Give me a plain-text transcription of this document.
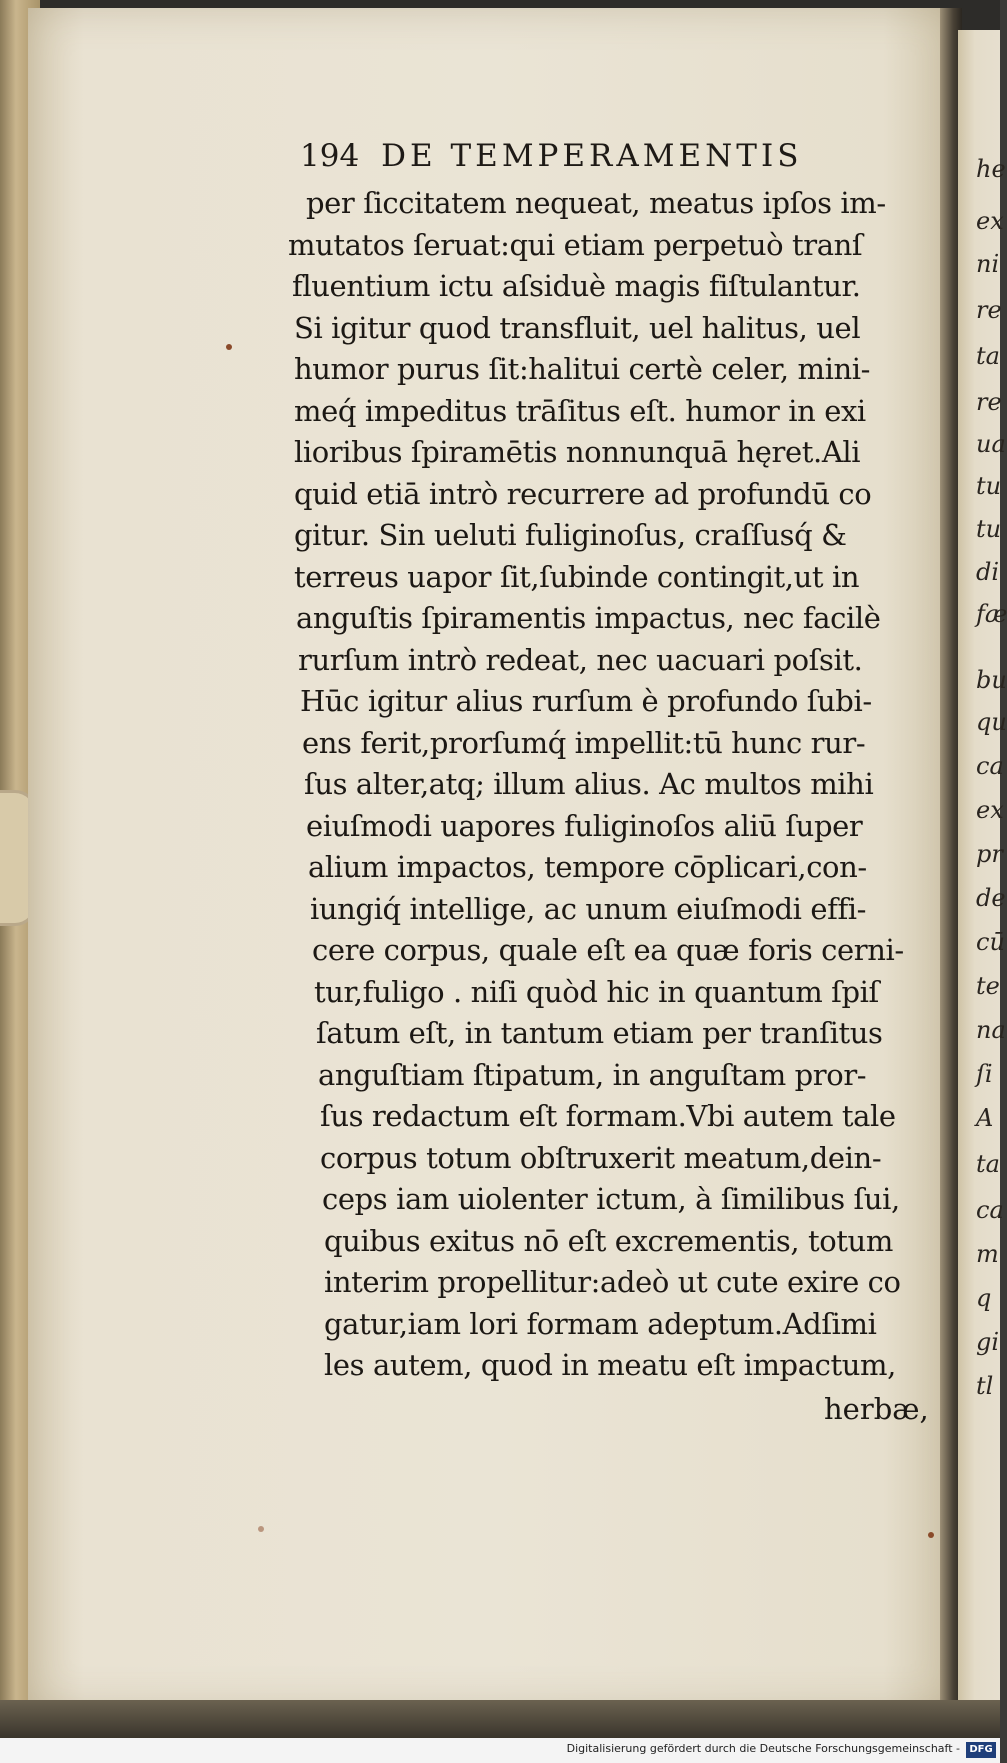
he
ex
ni
re
ta
re
ua
tu
tu
di
fæ
bu
qu
ca
ex
pr
de
cū
te
na
ſi
A
ta
ca
m
q
gi
tl
194 DE TEMPERAMENTIS
per ſiccitatem nequeat, meatus ipſos im-
mutatos ſeruat:qui etiam perpetuò tranſ
fluentium ictu aſsiduè magis fiſtulantur.
Si igitur quod transfluit, uel halitus, uel
humor purus ſit:halitui certè celer, mini-
meq́ impeditus trāſitus eſt. humor in exi
lioribus ſpiramētis nonnunquā hęret.Ali
quid etiā intrò recurrere ad profundū co
gitur. Sin ueluti fuliginoſus, craſſusq́ &
terreus uapor ſit,ſubinde contingit,ut in
anguſtis ſpiramentis impactus, nec facilè
rurſum intrò redeat, nec uacuari poſsit.
Hūc igitur alius rurſum è profundo ſubi-
ens ferit,prorſumq́ impellit:tū hunc rur-
ſus alter,atq; illum alius. Ac multos mihi
eiuſmodi uapores fuliginoſos aliū ſuper
alium impactos, tempore cōplicari,con-
iungiq́ intellige, ac unum eiuſmodi effi-
cere corpus, quale eſt ea quæ foris cerni-
tur,fuligo . niſi quòd hic in quantum ſpiſ
ſatum eſt, in tantum etiam per tranſitus
anguſtiam ſtipatum, in anguſtam pror-
ſus redactum eſt formam.Vbi autem tale
corpus totum obſtruxerit meatum,dein-
ceps iam uiolenter ictum, à ſimilibus ſui,
quibus exitus nō eſt excrementis, totum
interim propellitur:adeò ut cute exire co
gatur,iam lori formam adeptum.Adſimi
les autem, quod in meatu eſt impactum,
herbæ,
Digitalisierung gefördert durch die Deutsche Forschungsgemeinschaft - DFG
